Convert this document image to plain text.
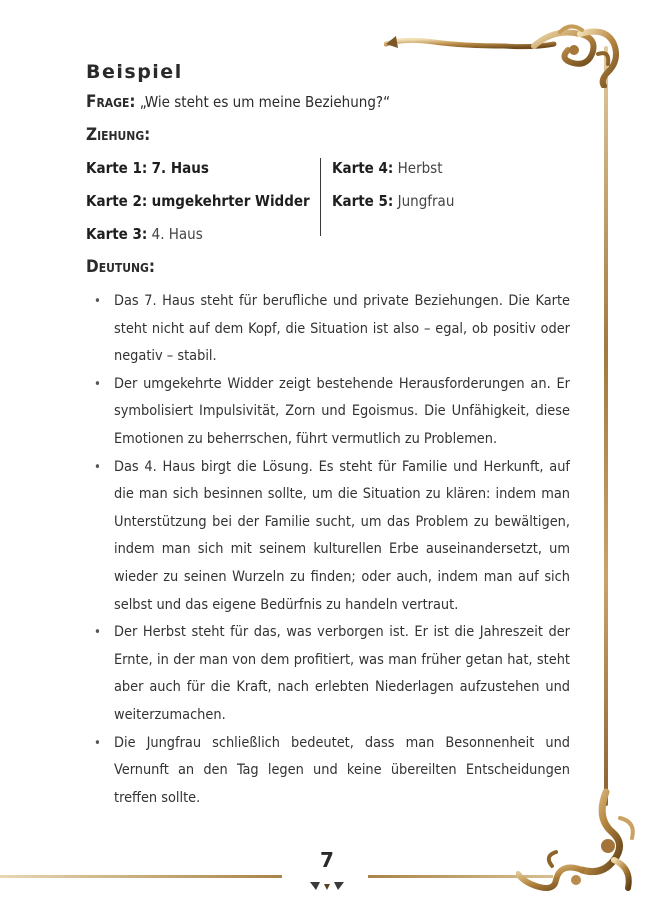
Beispiel
Frage: „Wie steht es um meine Beziehung?“
Ziehung:
Karte 1: 7. Haus
Karte 2: umgekehrter Widder
Karte 3: 4. Haus
Karte 4: Herbst
Karte 5: Jungfrau
Deutung:
• Das 7. Haus steht für berufliche und private Beziehungen. Die Karte steht nicht auf dem Kopf, die Situation ist also – egal, ob positiv oder negativ – stabil.
• Der umgekehrte Widder zeigt bestehende Herausforderungen an. Er symbolisiert Impulsivität, Zorn und Egoismus. Die Unfähigkeit, diese Emotionen zu beherrschen, führt vermutlich zu Problemen.
• Das 4. Haus birgt die Lösung. Es steht für Familie und Herkunft, auf die man sich besinnen sollte, um die Situation zu klären: indem man Unterstützung bei der Familie sucht, um das Problem zu bewältigen, indem man sich mit seinem kulturellen Erbe auseinandersetzt, um wieder zu seinen Wurzeln zu finden; oder auch, indem man auf sich selbst und das eigene Bedürfnis zu handeln vertraut.
• Der Herbst steht für das, was verborgen ist. Er ist die Jahreszeit der Ernte, in der man von dem profitiert, was man früher getan hat, steht aber auch für die Kraft, nach erlebten Niederlagen aufzustehen und weiterzumachen.
• Die Jungfrau schließlich bedeutet, dass man Besonnenheit und Vernunft an den Tag legen und keine übereilten Entscheidungen treffen sollte.
7
